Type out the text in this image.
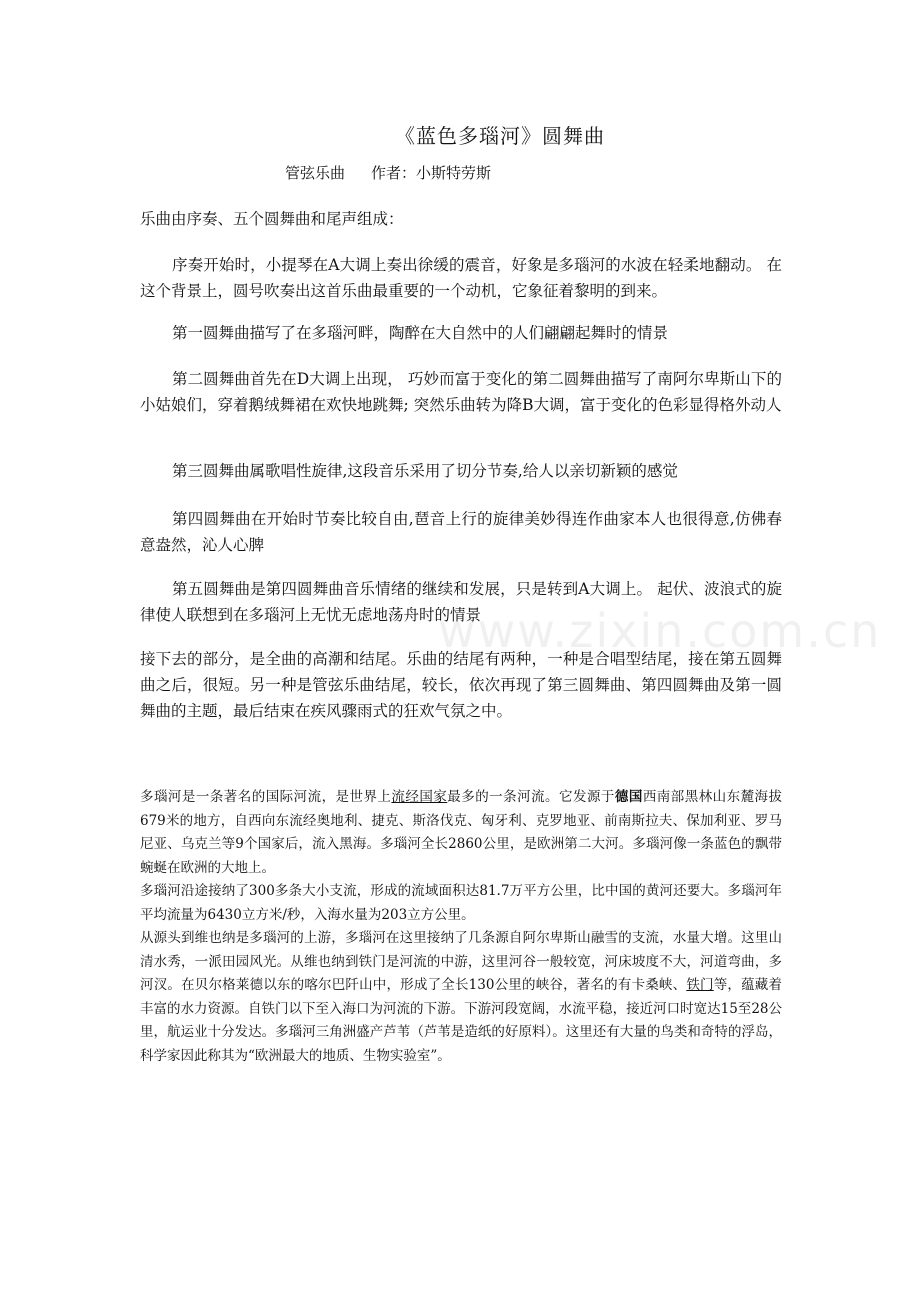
《蓝色多瑙河》圆舞曲
管弦乐曲 作者：小斯特劳斯
乐曲由序奏、五个圆舞曲和尾声组成：
序奏开始时，小提琴在A大调上奏出徐缓的震音，好象是多瑙河的水波在轻柔地翻动。 在这个背景上，圆号吹奏出这首乐曲最重要的一个动机，它象征着黎明的到来。
第一圆舞曲描写了在多瑙河畔，陶醉在大自然中的人们翩翩起舞时的情景
第二圆舞曲首先在D大调上出现， 巧妙而富于变化的第二圆舞曲描写了南阿尔卑斯山下的小姑娘们，穿着鹅绒舞裙在欢快地跳舞; 突然乐曲转为降B大调，富于变化的色彩显得格外动人
第三圆舞曲属歌唱性旋律,这段音乐采用了切分节奏,给人以亲切新颖的感觉
第四圆舞曲在开始时节奏比较自由,琶音上行的旋律美妙得连作曲家本人也很得意,仿佛春意盎然，沁人心脾
第五圆舞曲是第四圆舞曲音乐情绪的继续和发展，只是转到A大调上。 起伏、波浪式的旋律使人联想到在多瑙河上无忧无虑地荡舟时的情景
接下去的部分，是全曲的高潮和结尾。乐曲的结尾有两种，一种是合唱型结尾，接在第五圆舞曲之后，很短。另一种是管弦乐曲结尾，较长，依次再现了第三圆舞曲、第四圆舞曲及第一圆舞曲的主题，最后结束在疾风骤雨式的狂欢气氛之中。

多瑙河是一条著名的国际河流，是世界上流经国家最多的一条河流。它发源于德国西南部黑林山东麓海拔679米的地方，自西向东流经奥地利、捷克、斯洛伐克、匈牙利、克罗地亚、前南斯拉夫、保加利亚、罗马尼亚、乌克兰等9个国家后，流入黑海。多瑙河全长2860公里，是欧洲第二大河。多瑙河像一条蓝色的飘带蜿蜒在欧洲的大地上。

多瑙河沿途接纳了300多条大小支流，形成的流域面积达81.7万平方公里，比中国的黄河还要大。多瑙河年平均流量为6430立方米/秒，入海水量为203立方公里。

从源头到维也纳是多瑙河的上游，多瑙河在这里接纳了几条源自阿尔卑斯山融雪的支流，水量大增。这里山清水秀，一派田园风光。从维也纳到铁门是河流的中游，这里河谷一般较宽，河床坡度不大，河道弯曲，多河汊。在贝尔格莱德以东的喀尔巴阡山中，形成了全长130公里的峡谷，著名的有卡桑峡、铁门等，蕴藏着丰富的水力资源。自铁门以下至入海口为河流的下游。下游河段宽阔，水流平稳，接近河口时宽达15至28公里，航运业十分发达。多瑙河三角洲盛产芦苇（芦苇是造纸的好原料）。这里还有大量的鸟类和奇特的浮岛，科学家因此称其为“欧洲最大的地质、生物实验室”。

www.zixin.com.cn
